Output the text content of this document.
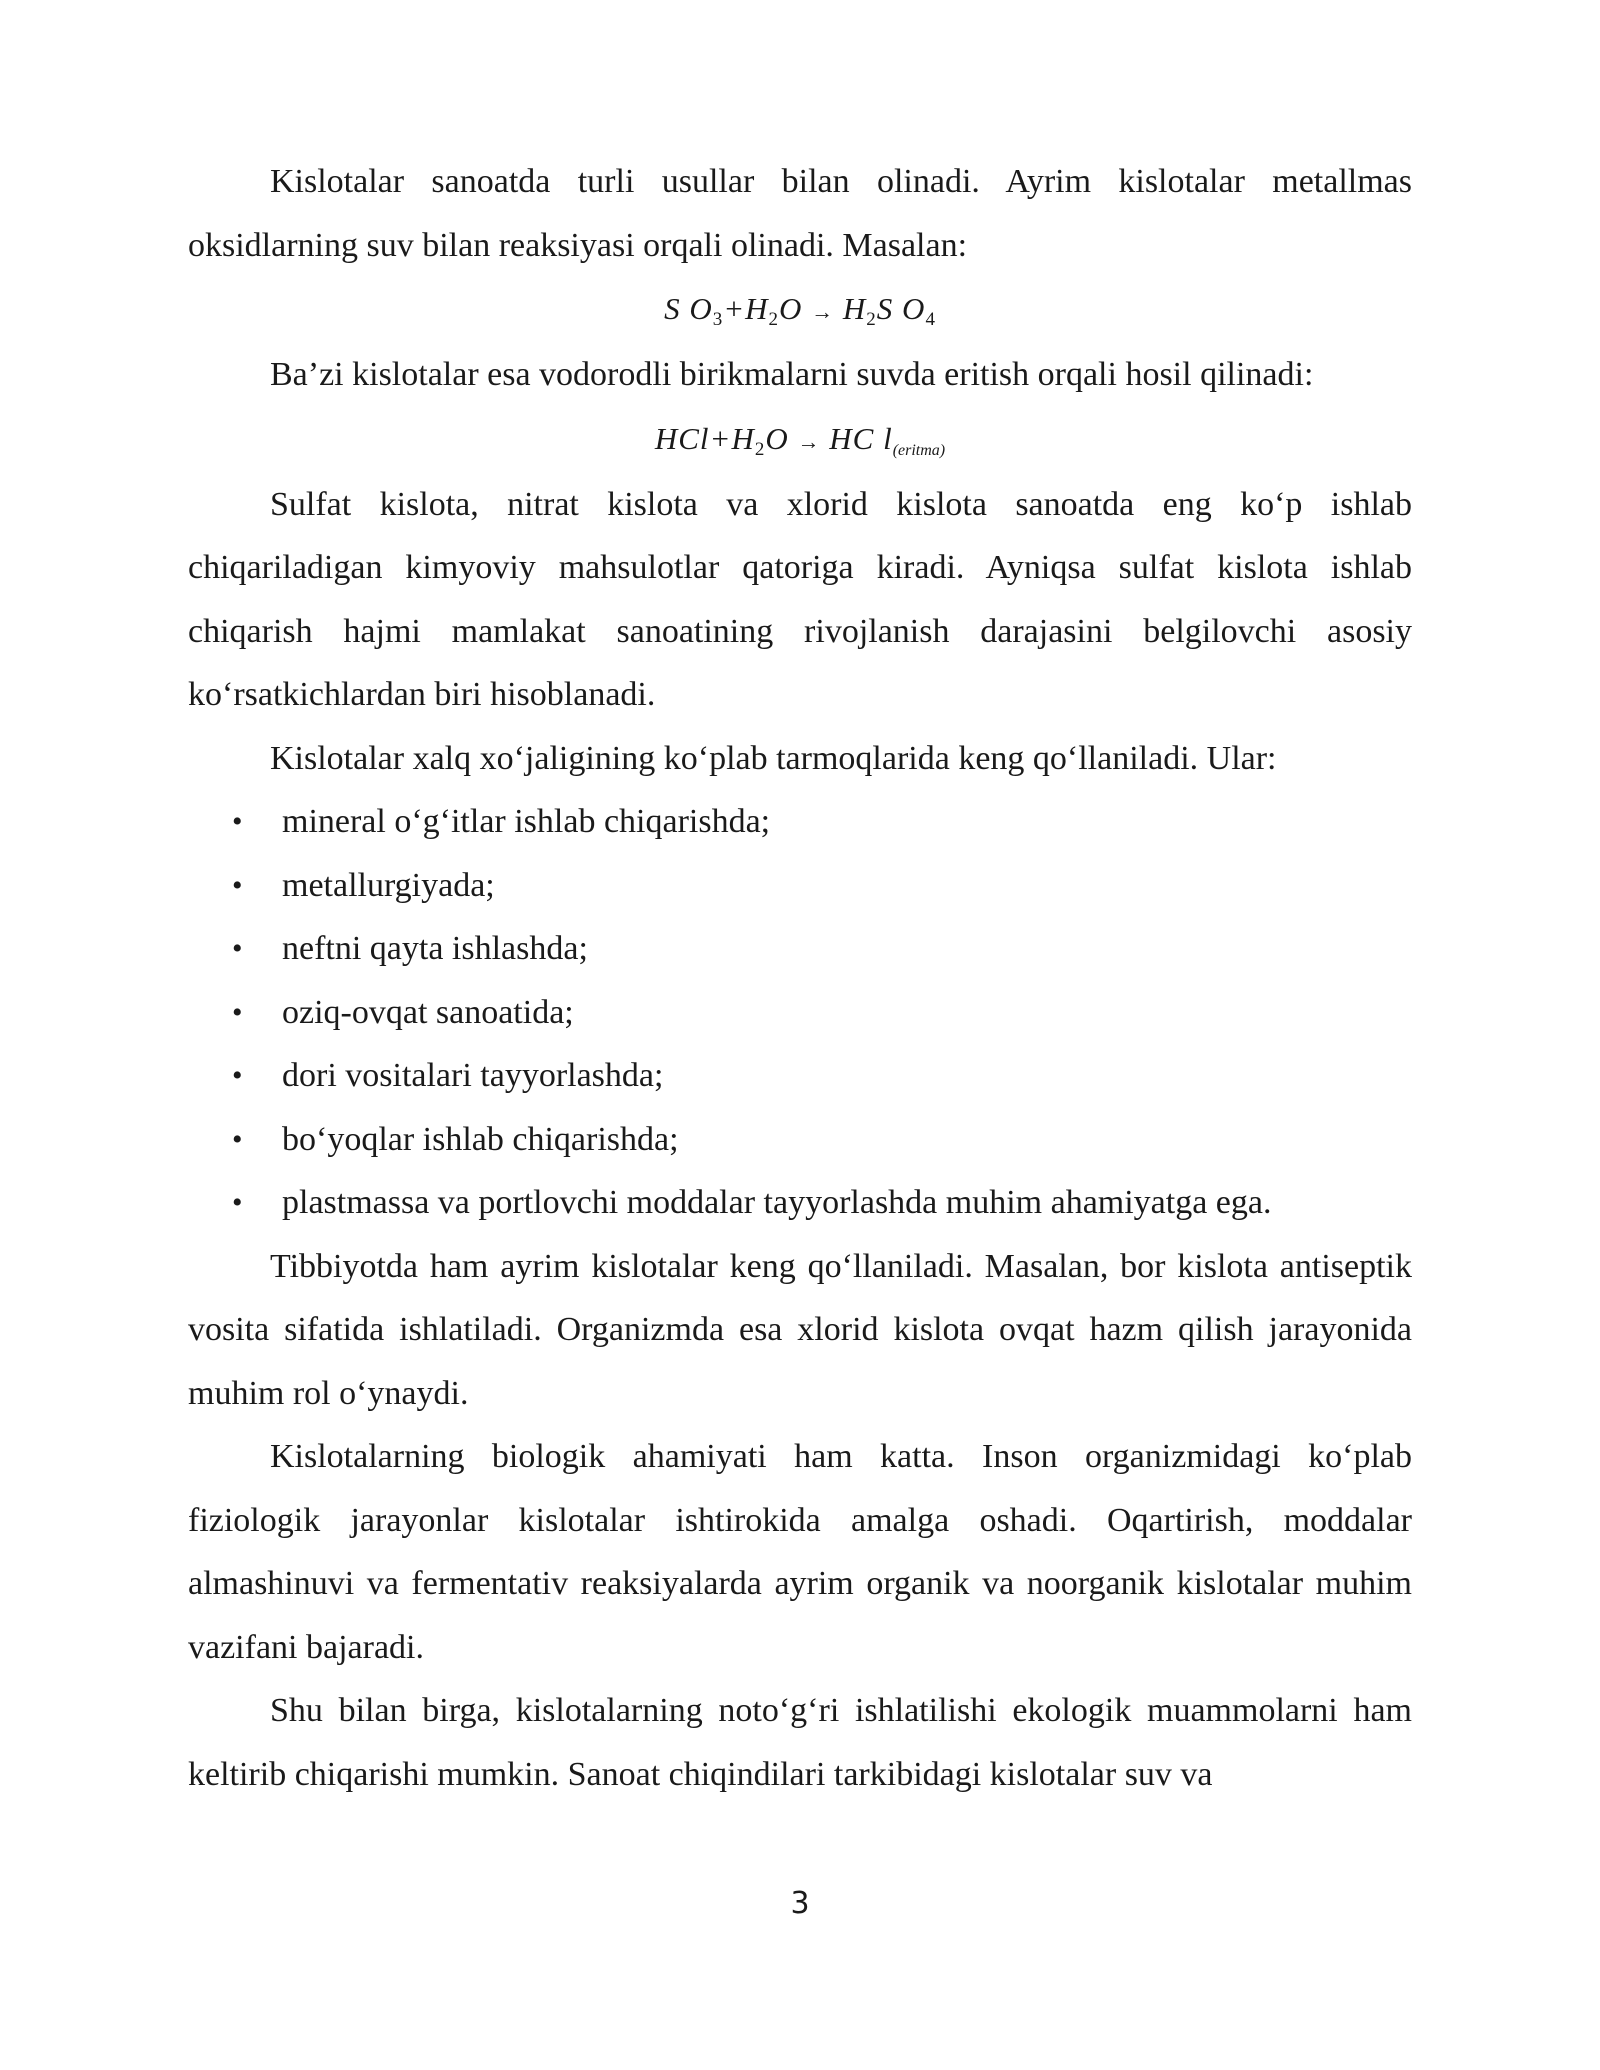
Kislotalar sanoatda turli usullar bilan olinadi. Ayrim kislotalar metallmas oksidlarning suv bilan reaksiyasi orqali olinadi. Masalan:

S $O_3+H_2O \to H_2S$ $O_4$

Ba’zi kislotalar esa vodorodli birikmalarni suvda eritish orqali hosil qilinadi:

$HCl+H_2O$ → HC l(eritma)

Sulfat kislota, nitrat kislota va xlorid kislota sanoatda eng ko‘p ishlab chiqariladigan kimyoviy mahsulotlar qatoriga kiradi. Ayniqsa sulfat kislota ishlab chiqarish hajmi mamlakat sanoatining rivojlanish darajasini belgilovchi asosiy ko‘rsatkichlardan biri hisoblanadi.

Kislotalar xalq xo‘jaligining ko‘plab tarmoqlarida keng qo‘llaniladi. Ular:

• mineral o‘g‘itlar ishlab chiqarishda;
• metallurgiyada;
• neftni qayta ishlashda;
• oziq-ovqat sanoatida;
• dori vositalari tayyorlashda;
• bo‘yoqlar ishlab chiqarishda;
• plastmassa va portlovchi moddalar tayyorlashda muhim ahamiyatga ega.

Tibbiyotda ham ayrim kislotalar keng qo‘llaniladi. Masalan, bor kislota antiseptik vosita sifatida ishlatiladi. Organizmda esa xlorid kislota ovqat hazm qilish jarayonida muhim rol o‘ynaydi.

Kislotalarning biologik ahamiyati ham katta. Inson organizmidagi ko‘plab fiziologik jarayonlar kislotalar ishtirokida amalga oshadi. Oqartirish, moddalar almashinuvi va fermentativ reaksiyalarda ayrim organik va noorganik kislotalar muhim vazifani bajaradi.

Shu bilan birga, kislotalarning noto‘g‘ri ishlatilishi ekologik muammolarni ham keltirib chiqarishi mumkin. Sanoat chiqindilari tarkibidagi kislotalar suv va

3
